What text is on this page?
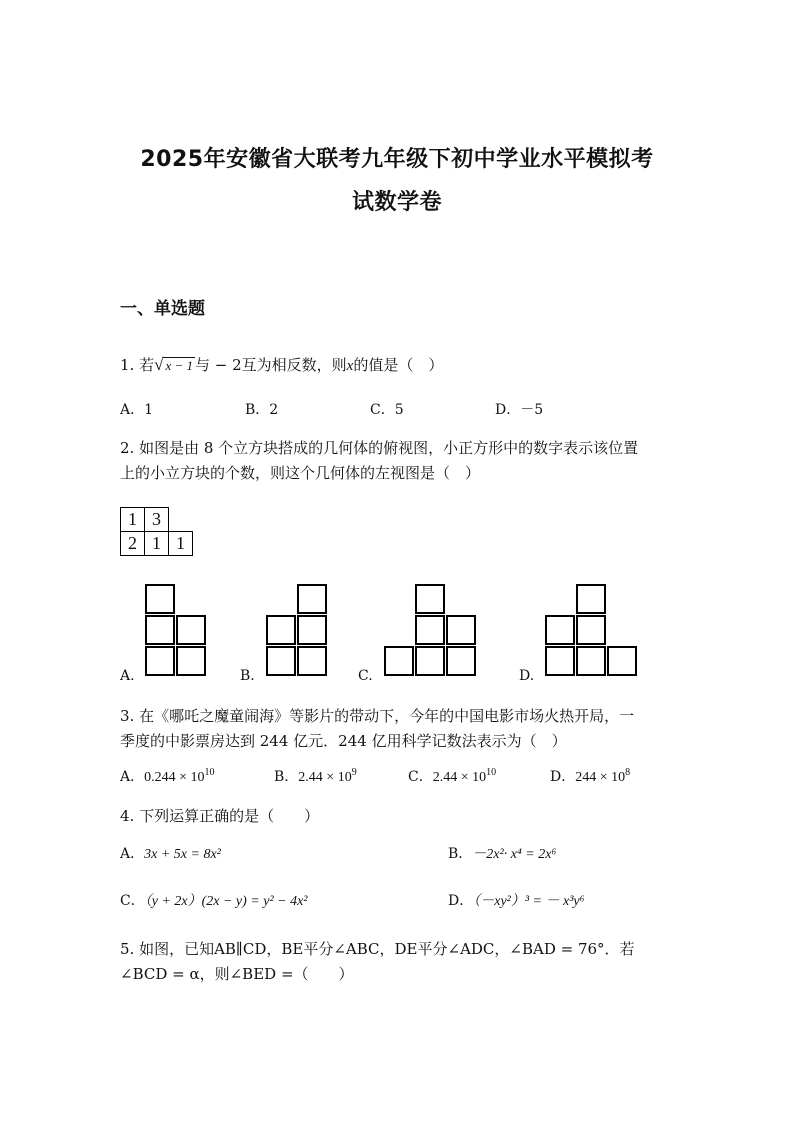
2025年安徽省大联考九年级下初中学业水平模拟考
试数学卷
一、单选题
1. 若√ x − 1 与 − 2互为相反数，则x的值是（　）
A．1	B．2	C．5	D．－5
2. 如图是由 8 个立方块搭成的几何体的俯视图，小正方形中的数字表示该位置
上的小立方块的个数，则这个几何体的左视图是（　）
1	3	
2	1	1
A.	B.	C.	D.
3. 在《哪吒之魔童闹海》等影片的带动下，今年的中国电影市场火热开局，一
季度的中影票房达到 244 亿元．244 亿用科学记数法表示为（　）
A．$0.244 \times 10^{10}$	B．$2.44 \times 10^9$	C．$2.44 \times 10^{10}$	D．$244 \times 10^8$
4. 下列运算正确的是（　　）
A．3x + 5x = 8x²	B．－2x²· x⁴ = 2x⁶
C．（y + 2x）(2x − y) = y² − 4x²	D．（－xy²）³ = － x³y⁶
5. 如图，已知AB∥CD，BE平分∠ABC，DE平分∠ADC，∠BAD = 76°．若
∠BCD = α，则∠BED =（　　）
